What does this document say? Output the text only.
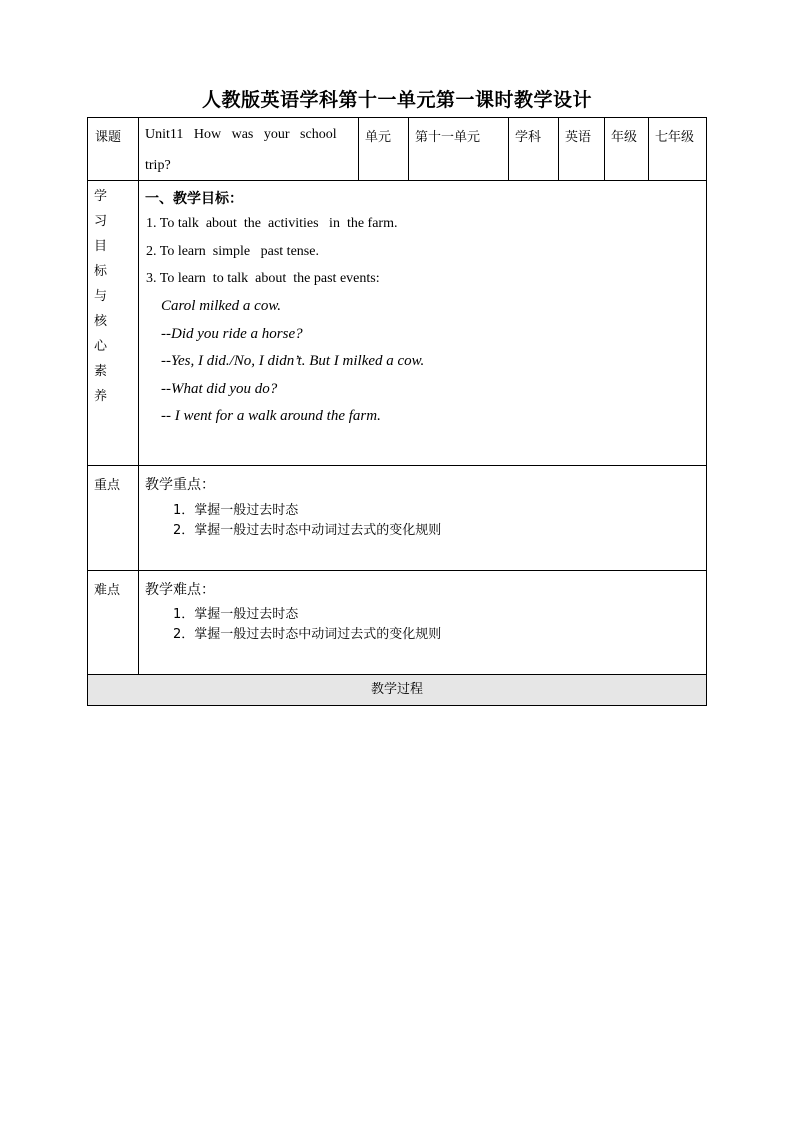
人教版英语学科第十一单元第一课时教学设计
课题 Unit11   How   was   your   school
trip?
单元 第十一单元	学科 英语 年级 七年级
学习
目 标
与 核
心 素
养
一、教学目标：
1. To talk  about  the  activities   in  the farm.
2. To learn  simple   past tense.
3. To learn  to talk  about  the past events:
Carol milked a cow.
--Did you ride a horse?
--Yes, I did./No, I didn’t. But I milked a cow.
--What did you do?
-- I went for a walk around the farm.
重点 教学重点：
1．掌握一般过去时态
2．掌握一般过去时态中动词过去式的变化规则
难点 教学难点：
1．掌握一般过去时态
2．掌握一般过去时态中动词过去式的变化规则
教学过程
